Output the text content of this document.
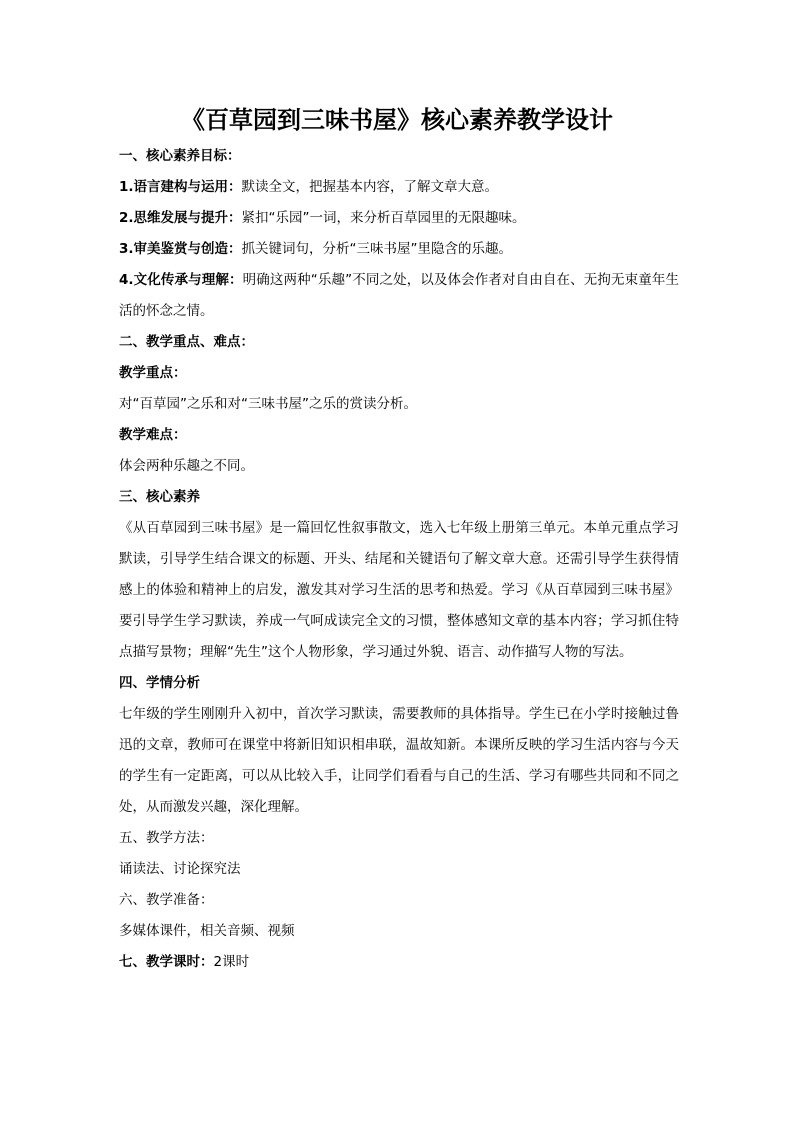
《百草园到三味书屋》核心素养教学设计
一、核心素养目标：
1.语言建构与运用：默读全文，把握基本内容，了解文章大意。
2.思维发展与提升：紧扣“乐园”一词，来分析百草园里的无限趣味。
3.审美鉴赏与创造：抓关键词句，分析“三味书屋”里隐含的乐趣。
4.文化传承与理解：明确这两种“乐趣”不同之处，以及体会作者对自由自在、无拘无束童年生活的怀念之情。
二、教学重点、难点：
教学重点：
对“百草园”之乐和对“三味书屋”之乐的赏读分析。
教学难点：
体会两种乐趣之不同。
三、核心素养
《从百草园到三味书屋》是一篇回忆性叙事散文，选入七年级上册第三单元。本单元重点学习默读，引导学生结合课文的标题、开头、结尾和关键语句了解文章大意。还需引导学生获得情感上的体验和精神上的启发，激发其对学习生活的思考和热爱。学习《从百草园到三味书屋》要引导学生学习默读，养成一气呵成读完全文的习惯，整体感知文章的基本内容；学习抓住特点描写景物；理解“先生”这个人物形象，学习通过外貌、语言、动作描写人物的写法。
四、学情分析
七年级的学生刚刚升入初中，首次学习默读，需要教师的具体指导。学生已在小学时接触过鲁迅的文章，教师可在课堂中将新旧知识相串联，温故知新。本课所反映的学习生活内容与今天的学生有一定距离，可以从比较入手，让同学们看看与自己的生活、学习有哪些共同和不同之处，从而激发兴趣，深化理解。
五、教学方法：
诵读法、讨论探究法
六、教学准备：
多媒体课件，相关音频、视频
七、教学课时：2课时
